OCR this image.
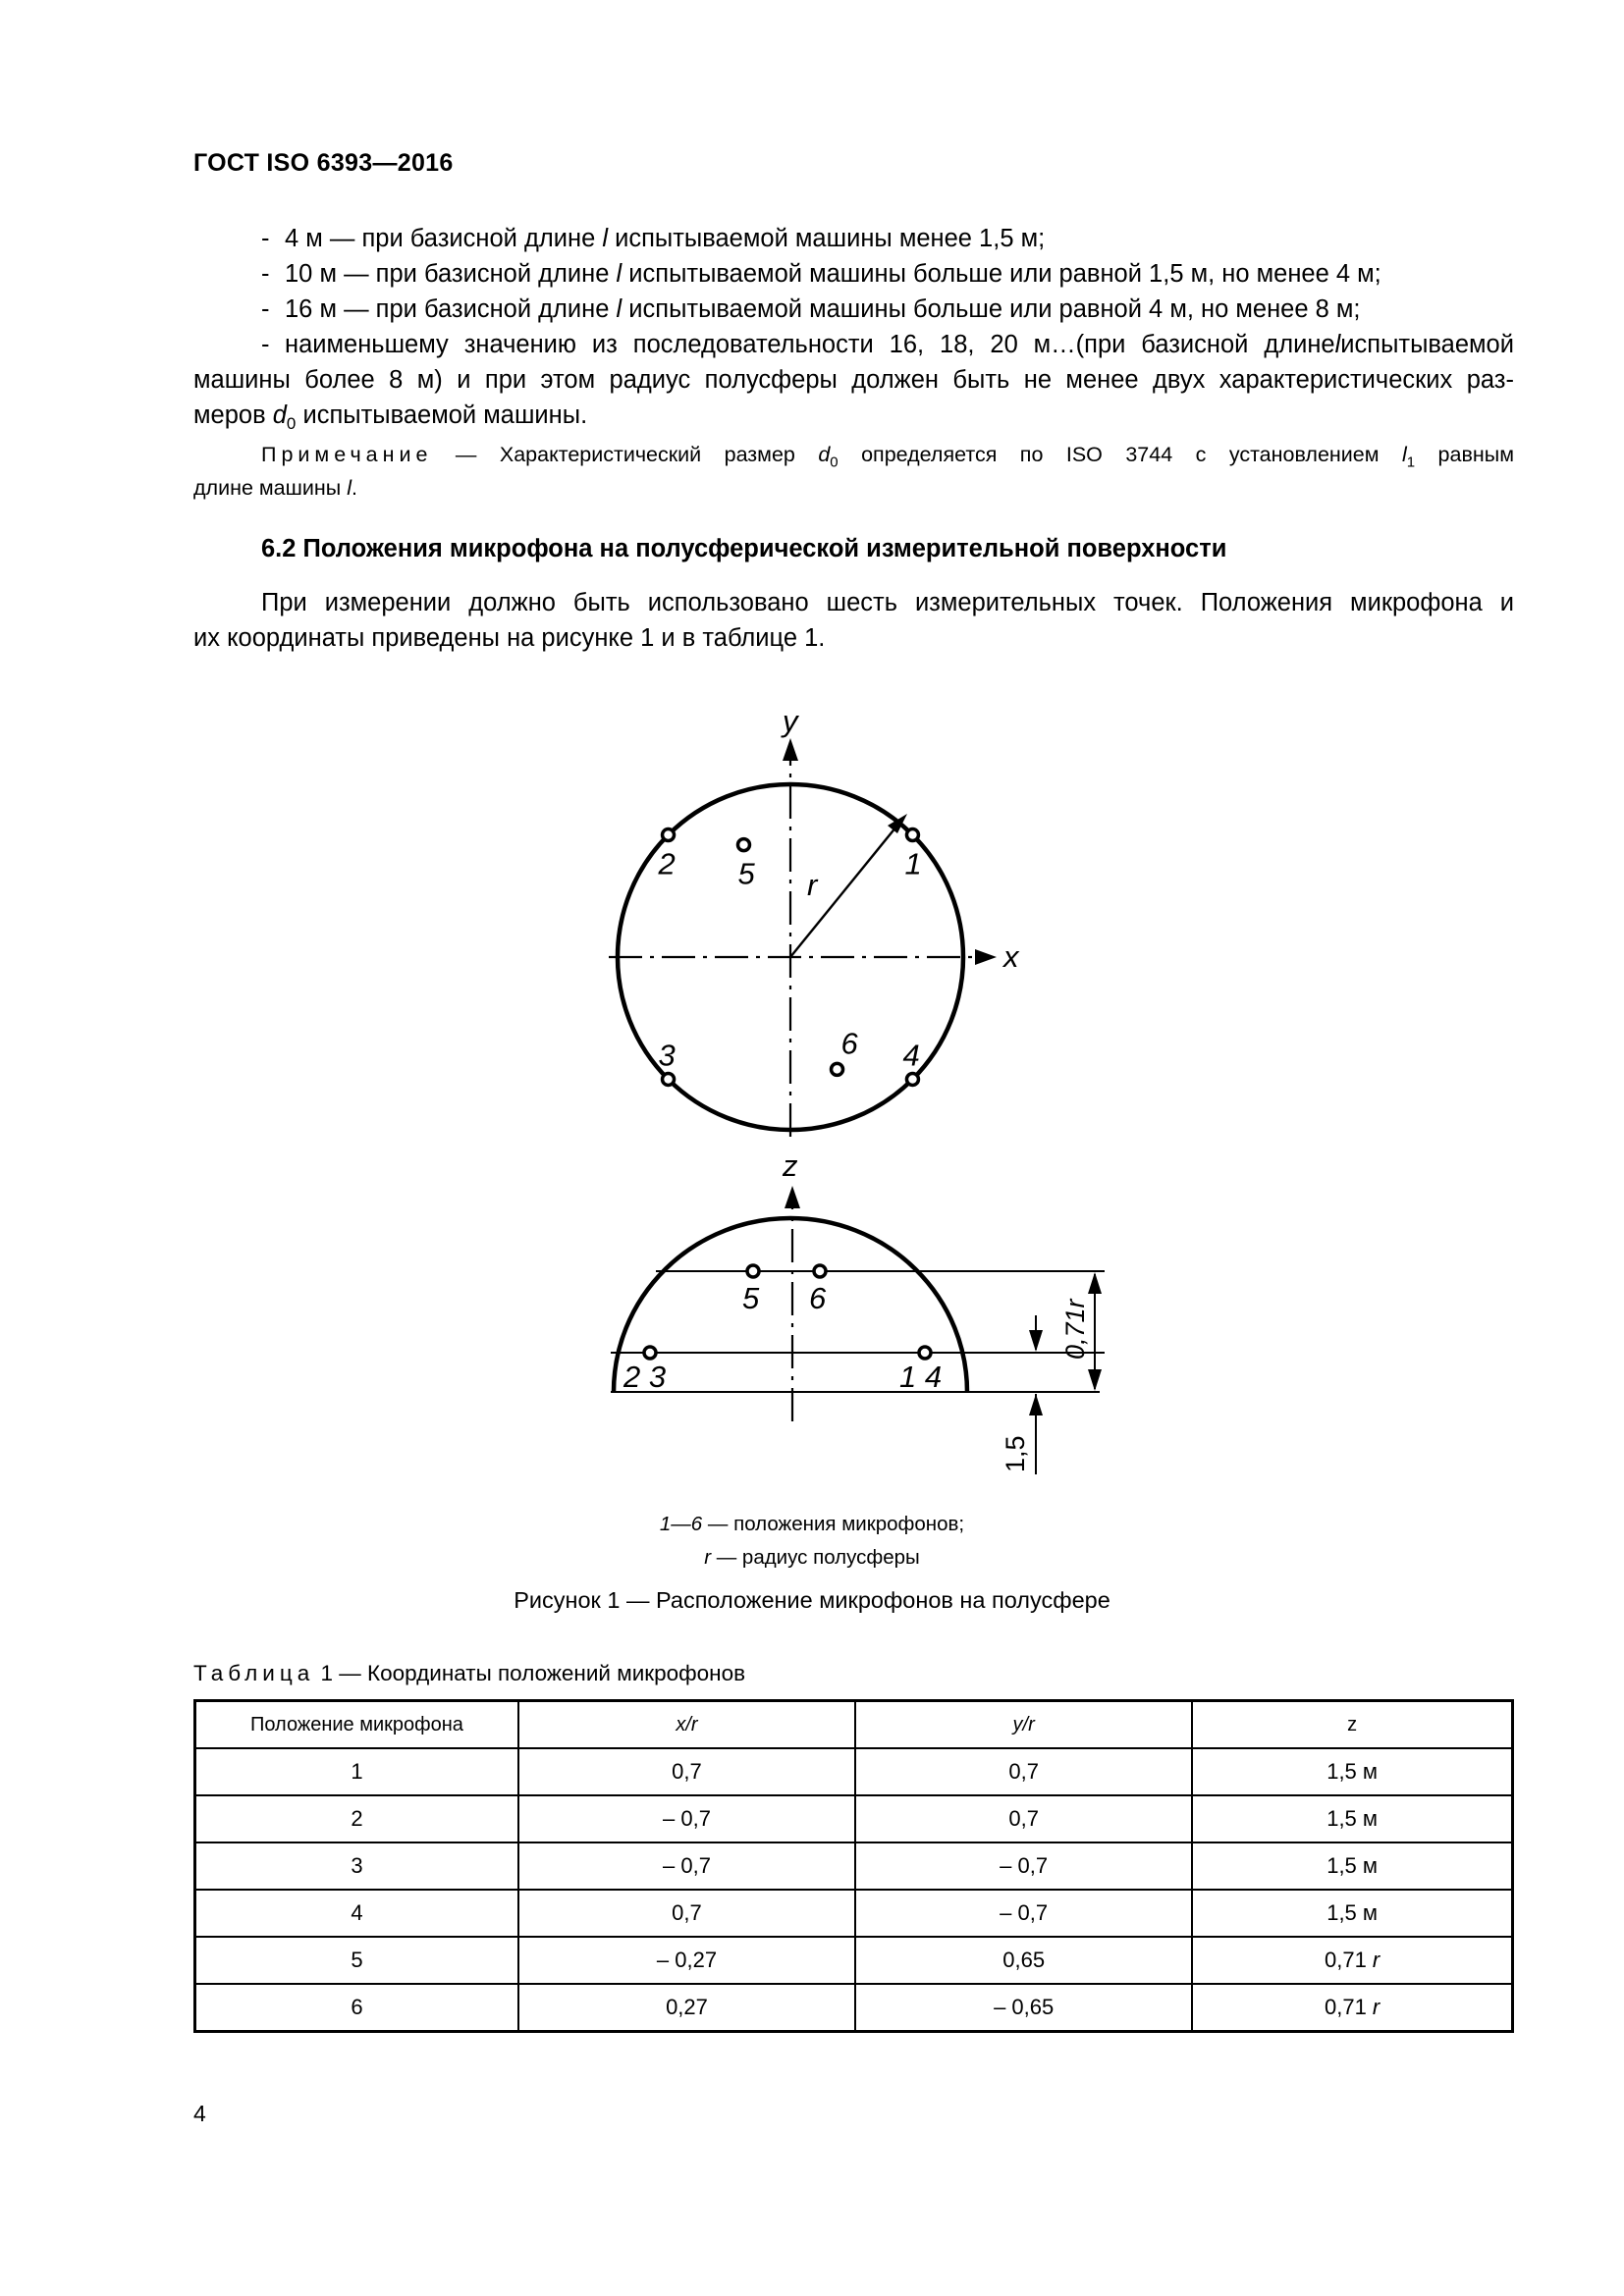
ГОСТ ISO 6393—2016
- 4 м — при базисной длине l испытываемой машины менее 1,5 м;
- 10 м — при базисной длине l испытываемой машины больше или равной 1,5 м, но менее 4 м;
- 16 м — при базисной длине l испытываемой машины больше или равной 4 м, но менее 8 м;
- наименьшему значению из последовательности 16, 18, 20 м…(при базисной длинеlиспытываемой
машины более 8 м) и при этом радиус полусферы должен быть не менее двух характеристических раз-
меров $d_0$ испытываемой машины.
Примечание — Характеристический размер $d_0$ определяется по ISO 3744 с установлением $l_1$ равным
длине машины l.
6.2 Положения микрофона на полусферической измерительной поверхности
При измерении должно быть использовано шесть измерительных точек. Положения микрофона и
их координаты приведены на рисунке 1 и в таблице 1.
1
2
3	4
5
6
y
x
r
z
5 6
2 3	1 4
0,71r
1,5
1—6 — положения микрофонов;
r — радиус полусферы
Рисунок 1 — Расположение микрофонов на полусфере
Таблица 1 — Координаты положений микрофонов
Положение микрофона	x/r	y/r	z
1	0,7	0,7	1,5 м
2	– 0,7	0,7	1,5 м
3	– 0,7	– 0,7	1,5 м
4	0,7	– 0,7	1,5 м
5	– 0,27	0,65	0,71 r
6	0,27	– 0,65	0,71 r
4
